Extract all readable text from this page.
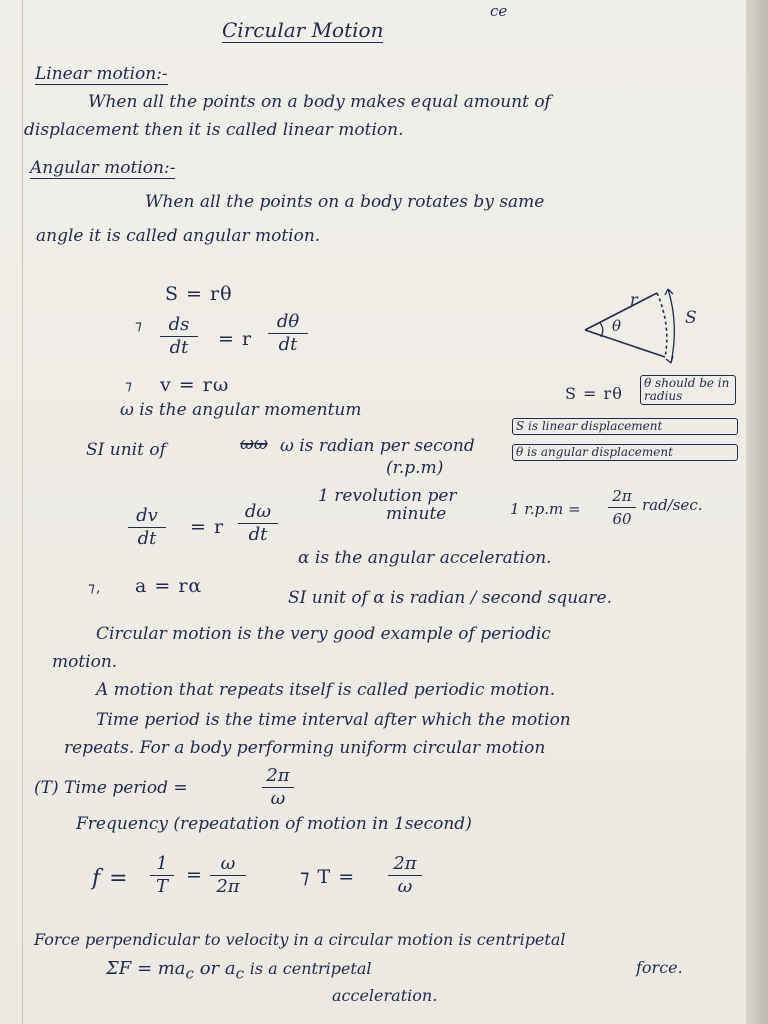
Circular Motion
ce
Linear motion:-
When all the points on a body makes equal amount of
displacement then it is called linear motion.
Angular motion:-
When all the points on a body rotates by same
angle it is called angular motion.
S = rθ
⁊	ds
dt	= r
dθ
dt
⁊ v = rω
r
θ	S
S = rθ
θ should be in radius
ω is the angular momentum
SI unit of	ω̶ω̶ ω is radian per second
(r.p.m)
S is linear displacement
θ is angular displacement
1 revolution per
minute	1 r.p.m =
2π
60
rad/sec.
dv
dt
= r
dω
dt
⁊, a = rα
α is the angular acceleration.
SI unit of α is radian / second square.
Circular motion is the very good example of periodic
motion.
A motion that repeats itself is called periodic motion.
Time period is the time interval after which the motion
repeats. For a body performing uniform circular motion
(T) Time period =
2π
ω
Frequency (repeatation of motion in 1second)
f =
1
T
=
ω
2π	⁊ T =
2π
ω
Force perpendicular to velocity in a circular motion is centripetal
$\Sigma F = ma_c$ or $a_c$ is a centripetal	force.
acceleration.
